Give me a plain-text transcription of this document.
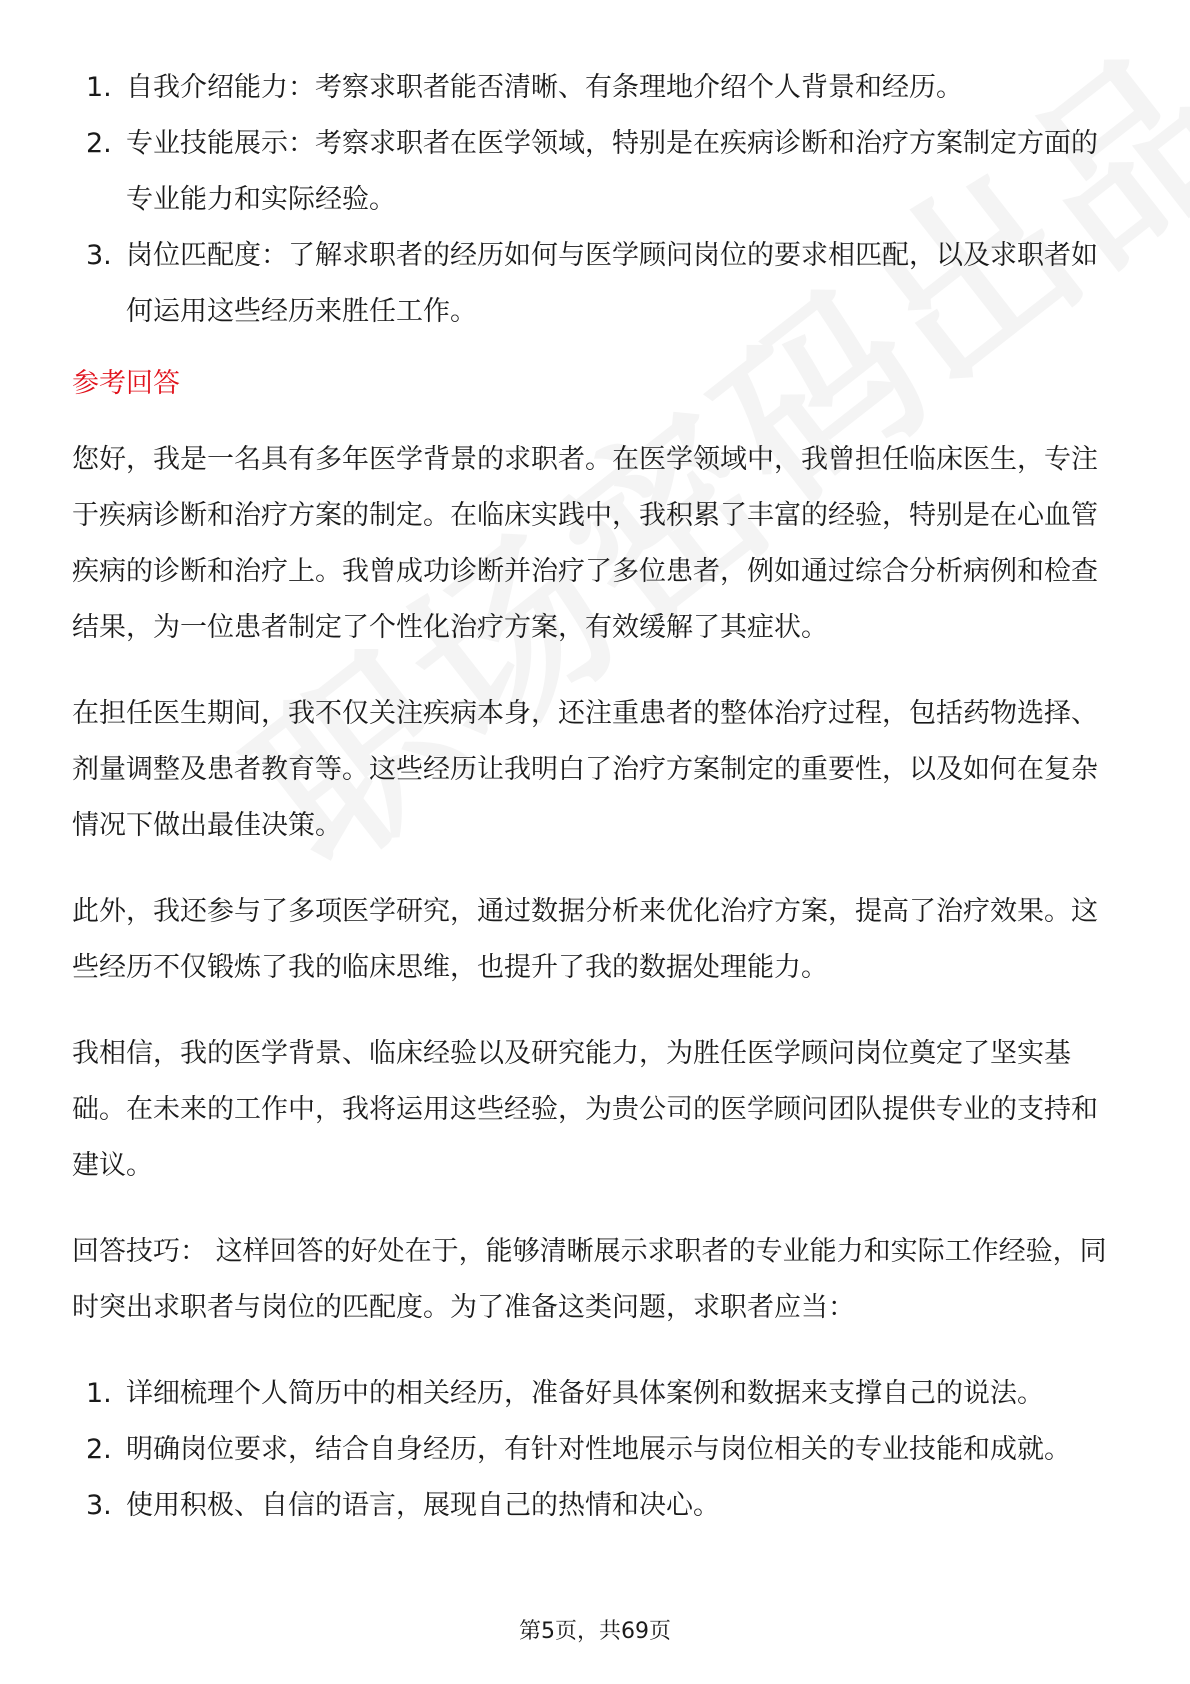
1. 自我介绍能力：考察求职者能否清晰、有条理地介绍个人背景和经历。
2. 专业技能展示：考察求职者在医学领域，特别是在疾病诊断和治疗方案制定方面的专业能力和实际经验。
3. 岗位匹配度：了解求职者的经历如何与医学顾问岗位的要求相匹配，以及求职者如何运用这些经历来胜任工作。
参考回答

您好，我是一名具有多年医学背景的求职者。在医学领域中，我曾担任临床医生，专注于疾病诊断和治疗方案的制定。在临床实践中，我积累了丰富的经验，特别是在心血管疾病的诊断和治疗上。我曾成功诊断并治疗了多位患者，例如通过综合分析病例和检查结果，为一位患者制定了个性化治疗方案，有效缓解了其症状。

在担任医生期间，我不仅关注疾病本身，还注重患者的整体治疗过程，包括药物选择、剂量调整及患者教育等。这些经历让我明白了治疗方案制定的重要性，以及如何在复杂情况下做出最佳决策。

此外，我还参与了多项医学研究，通过数据分析来优化治疗方案，提高了治疗效果。这些经历不仅锻炼了我的临床思维，也提升了我的数据处理能力。

我相信，我的医学背景、临床经验以及研究能力，为胜任医学顾问岗位奠定了坚实基础。在未来的工作中，我将运用这些经验，为贵公司的医学顾问团队提供专业的支持和建议。

回答技巧： 这样回答的好处在于，能够清晰展示求职者的专业能力和实际工作经验，同时突出求职者与岗位的匹配度。为了准备这类问题，求职者应当：

1. 详细梳理个人简历中的相关经历，准备好具体案例和数据来支撑自己的说法。
2. 明确岗位要求，结合自身经历，有针对性地展示与岗位相关的专业技能和成就。
3. 使用积极、自信的语言，展现自己的热情和决心。
第5页，共69页
